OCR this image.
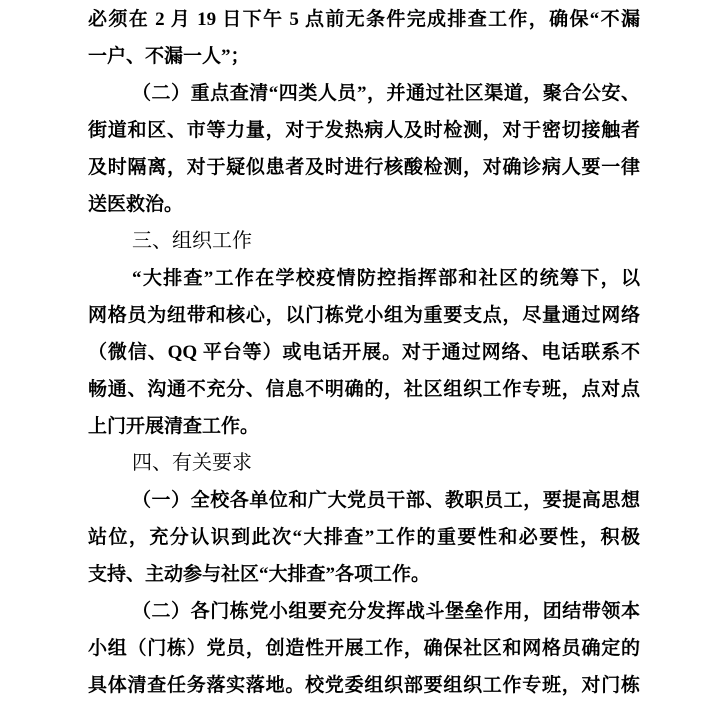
必须在 2 月 19 日下午 5 点前无条件完成排查工作，确保“不漏
一户、不漏一人”；
（二）重点查清“四类人员”，并通过社区渠道，聚合公安、
街道和区、市等力量，对于发热病人及时检测，对于密切接触者
及时隔离，对于疑似患者及时进行核酸检测，对确诊病人要一律
送医救治。
三、组织工作
“大排查”工作在学校疫情防控指挥部和社区的统筹下，以
网格员为纽带和核心，以门栋党小组为重要支点，尽量通过网络
（微信、QQ 平台等）或电话开展。对于通过网络、电话联系不
畅通、沟通不充分、信息不明确的，社区组织工作专班，点对点
上门开展清查工作。
四、有关要求
（一）全校各单位和广大党员干部、教职员工，要提高思想
站位，充分认识到此次“大排查”工作的重要性和必要性，积极
支持、主动参与社区“大排查”各项工作。
（二）各门栋党小组要充分发挥战斗堡垒作用，团结带领本
小组（门栋）党员，创造性开展工作，确保社区和网格员确定的
具体清查任务落实落地。校党委组织部要组织工作专班，对门栋
